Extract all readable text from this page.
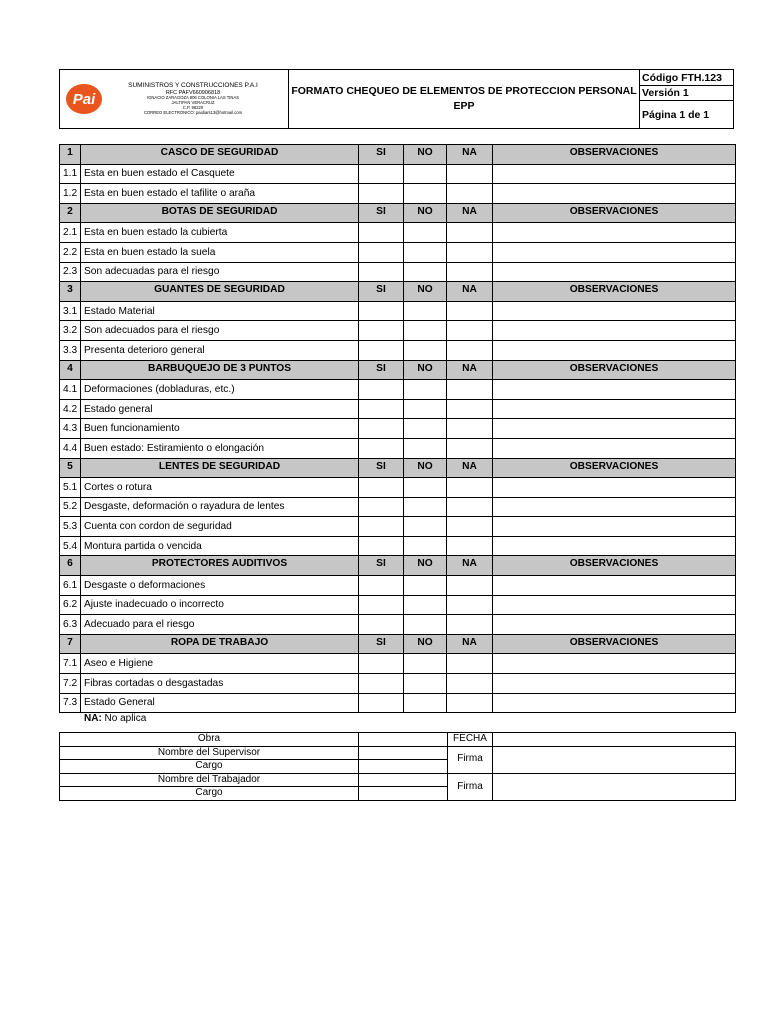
Pai
SUMINISTROS Y CONSTRUCCIONES P.A.I
RFC PAFV660906818
IGNACIO ZARAGOZA 806 COLONIA LAS TINAS
JALTIPAN VERACRUZ
C.P. 96220
CORREO ELECTRONICO: paidiars13@hotmail.com
FORMATO CHEQUEO DE ELEMENTOS DE PROTECCION PERSONAL
EPP
Código FTH.123
Versión 1
Página 1 de 1
1	CASCO DE SEGURIDAD	SI	NO	NA	OBSERVACIONES
1.1	Esta en buen estado el Casquete				
1.2	Esta en buen estado el tafilite o araña				
2	BOTAS DE SEGURIDAD	SI	NO	NA	OBSERVACIONES
2.1	Esta en buen estado la cubierta				
2.2	Esta en buen estado la suela				
2.3	Son adecuadas para el riesgo				
3	GUANTES DE SEGURIDAD	SI	NO	NA	OBSERVACIONES
3.1	Estado Material				
3.2	Son adecuados para el riesgo				
3.3	Presenta deterioro general				
4	BARBUQUEJO DE 3 PUNTOS	SI	NO	NA	OBSERVACIONES
4.1	Deformaciones (dobladuras, etc.)				
4.2	Estado general				
4.3	Buen funcionamiento				
4.4	Buen estado: Estiramiento o elongación				
5	LENTES DE SEGURIDAD	SI	NO	NA	OBSERVACIONES
5.1	Cortes o rotura				
5.2	Desgaste, deformación o rayadura de lentes				
5.3	Cuenta con cordon de seguridad				
5.4	Montura partida o vencida				
6	PROTECTORES AUDITIVOS	SI	NO	NA	OBSERVACIONES
6.1	Desgaste o deformaciones				
6.2	Ajuste inadecuado o incorrecto				
6.3	Adecuado para el riesgo				
7	ROPA DE TRABAJO	SI	NO	NA	OBSERVACIONES
7.1	Aseo e Higiene				
7.2	Fibras cortadas o desgastadas				
7.3	Estado General				
NA: No aplica
Obra		FECHA	
Nombre del Supervisor		Firma	
Cargo			
Nombre del Trabajador		Firma	
Cargo			
